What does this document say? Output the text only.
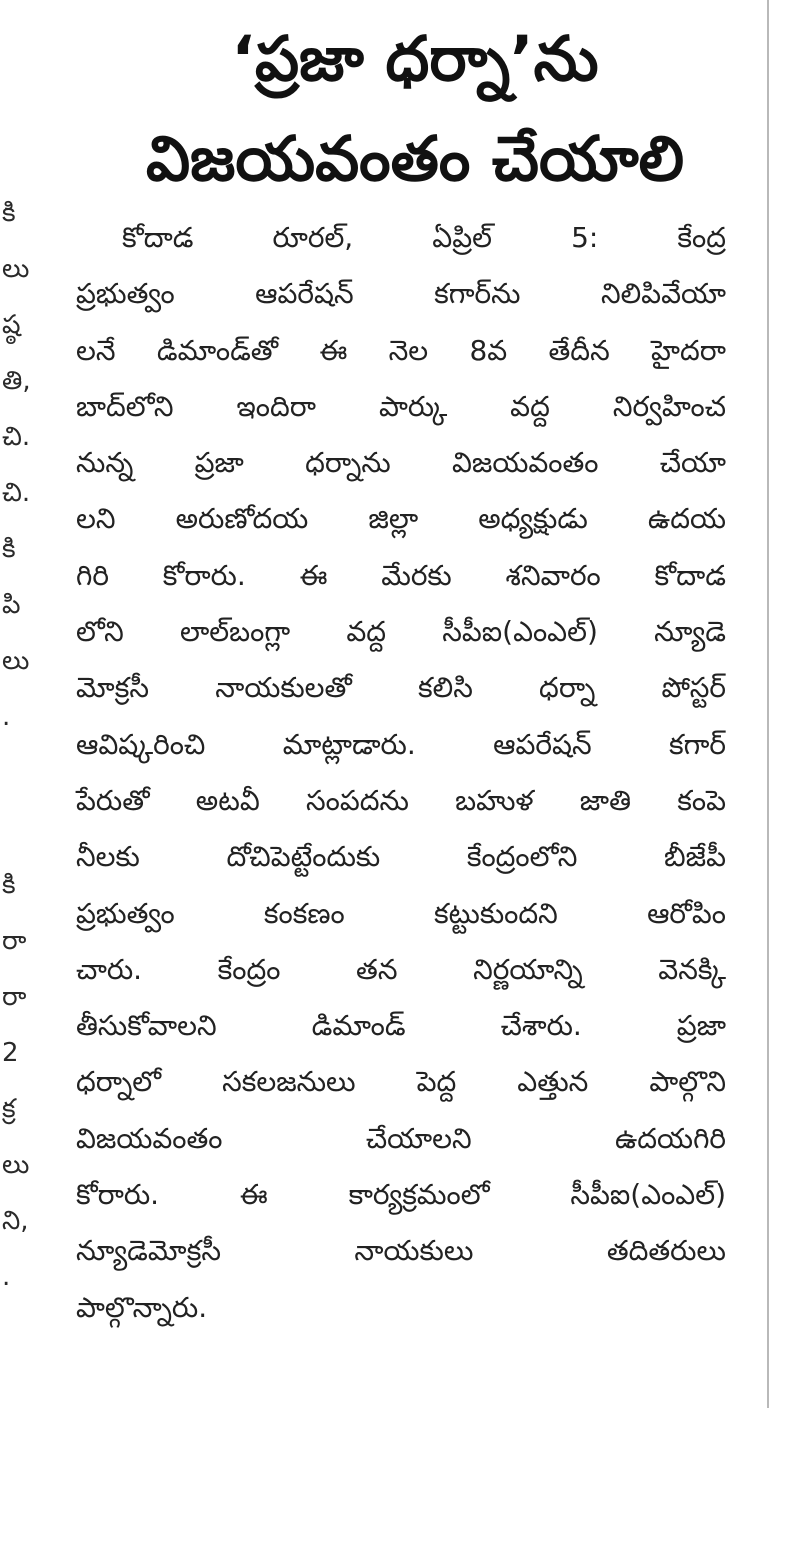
కి
లు
ష్ఠ
తి,
చి.
చి.
కి
పి
లు
.
కి
రా
రా
2
క్ర
లు
ని,
.
‘ప్రజా ధర్నా’ను
విజయవంతం చేయాలి
కోదాడ రూరల్, ఏప్రిల్ 5: కేంద్ర
ప్రభుత్వం ఆపరేషన్ కగార్‌ను నిలిపివేయా
లనే డిమాండ్‌తో ఈ నెల 8వ తేదీన హైదరా
బాద్‌లోని ఇందిరా పార్కు వద్ద నిర్వహించ
నున్న ప్రజా ధర్నాను విజయవంతం చేయా
లని అరుణోదయ జిల్లా అధ్యక్షుడు ఉదయ
గిరి కోరారు. ఈ మేరకు శనివారం కోదాడ
లోని లాల్‌బంగ్లా వద్ద సీపీఐ(ఎంఎల్) న్యూడె
మోక్రసీ నాయకులతో కలిసి ధర్నా పోస్టర్
ఆవిష్కరించి మాట్లాడారు. ఆపరేషన్ కగార్
పేరుతో అటవీ సంపదను బహుళ జాతి కంపె
నీలకు దోచిపెట్టేందుకు కేంద్రంలోని బీజేపీ
ప్రభుత్వం కంకణం కట్టుకుందని ఆరోపిం
చారు. కేంద్రం తన నిర్ణయాన్ని వెనక్కి
తీసుకోవాలని డిమాండ్ చేశారు. ప్రజా
ధర్నాలో సకలజనులు పెద్ద ఎత్తున పాల్గొని
విజయవంతం చేయాలని ఉదయగిరి
కోరారు. ఈ కార్యక్రమంలో సీపీఐ(ఎంఎల్)
న్యూడెమోక్రసీ నాయకులు తదితరులు
పాల్గొన్నారు.
